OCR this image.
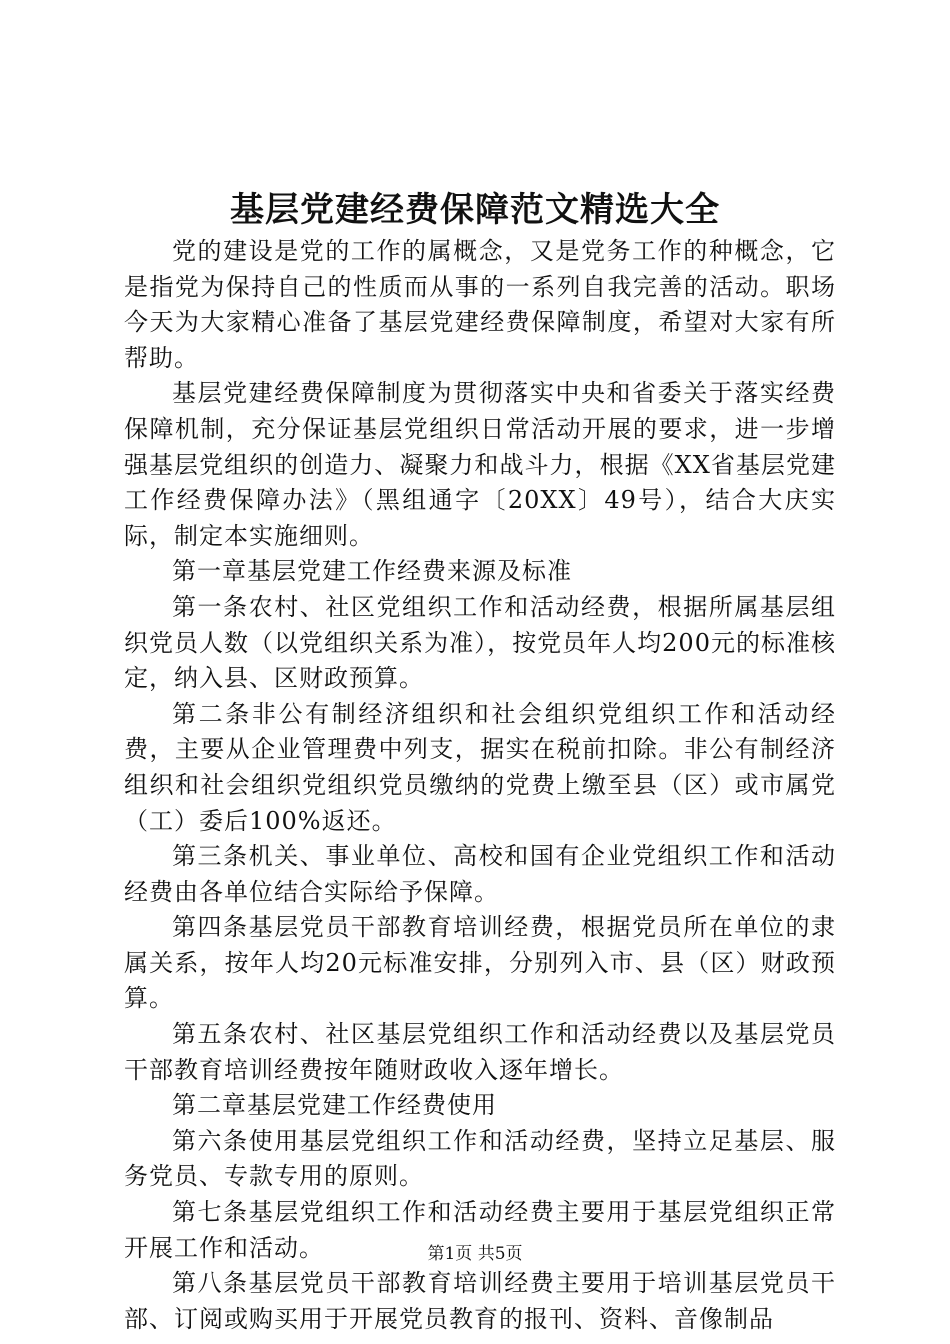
基层党建经费保障范文精选大全

党的建设是党的工作的属概念，又是党务工作的种概念，它是指党为保持自己的性质而从事的一系列自我完善的活动。职场今天为大家精心准备了基层党建经费保障制度，希望对大家有所帮助。

基层党建经费保障制度为贯彻落实中央和省委关于落实经费保障机制，充分保证基层党组织日常活动开展的要求，进一步增强基层党组织的创造力、凝聚力和战斗力，根据《XX省基层党建工作经费保障办法》（黑组通字〔20XX〕49号），结合大庆实际，制定本实施细则。

第一章基层党建工作经费来源及标准

第一条农村、社区党组织工作和活动经费，根据所属基层组织党员人数（以党组织关系为准），按党员年人均200元的标准核定，纳入县、区财政预算。

第二条非公有制经济组织和社会组织党组织工作和活动经费，主要从企业管理费中列支，据实在税前扣除。非公有制经济组织和社会组织党组织党员缴纳的党费上缴至县（区）或市属党（工）委后100%返还。

第三条机关、事业单位、高校和国有企业党组织工作和活动经费由各单位结合实际给予保障。

第四条基层党员干部教育培训经费，根据党员所在单位的隶属关系，按年人均20元标准安排，分别列入市、县（区）财政预算。

第五条农村、社区基层党组织工作和活动经费以及基层党员干部教育培训经费按年随财政收入逐年增长。

第二章基层党建工作经费使用

第六条使用基层党组织工作和活动经费，坚持立足基层、服务党员、专款专用的原则。

第七条基层党组织工作和活动经费主要用于基层党组织正常开展工作和活动。

第八条基层党员干部教育培训经费主要用于培训基层党员干部、订阅或购买用于开展党员教育的报刊、资料、音像制品

第1页 共5页
